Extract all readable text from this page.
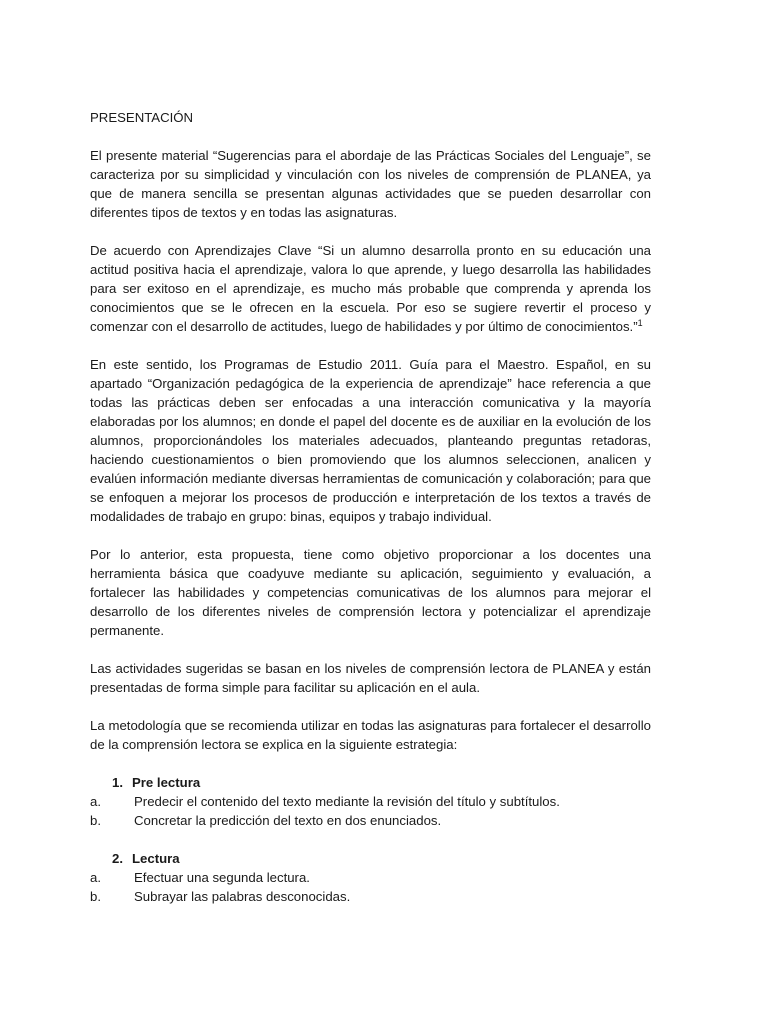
PRESENTACIÓN

El presente material “Sugerencias para el abordaje de las Prácticas Sociales del Lenguaje”, se caracteriza por su simplicidad y vinculación con los niveles de comprensión de PLANEA, ya que de manera sencilla se presentan algunas actividades que se pueden desarrollar con diferentes tipos de textos y en todas las asignaturas.

De acuerdo con Aprendizajes Clave “Si un alumno desarrolla pronto en su educación una actitud positiva hacia el aprendizaje, valora lo que aprende, y luego desarrolla las habilidades para ser exitoso en el aprendizaje, es mucho más probable que comprenda y aprenda los conocimientos que se le ofrecen en la escuela. Por eso se sugiere revertir el proceso y comenzar con el desarrollo de actitudes, luego de habilidades y por último de conocimientos.”$^1$

En este sentido, los Programas de Estudio 2011. Guía para el Maestro. Español, en su apartado “Organización pedagógica de la experiencia de aprendizaje” hace referencia a que todas las prácticas deben ser enfocadas a una interacción comunicativa y la mayoría elaboradas por los alumnos; en donde el papel del docente es de auxiliar en la evolución de los alumnos, proporcionándoles los materiales adecuados, planteando preguntas retadoras, haciendo cuestionamientos o bien promoviendo que los alumnos seleccionen, analicen y evalúen información mediante diversas herramientas de comunicación y colaboración; para que se enfoquen a mejorar los procesos de producción e interpretación de los textos a través de modalidades de trabajo en grupo: binas, equipos y trabajo individual.

Por lo anterior, esta propuesta, tiene como objetivo proporcionar a los docentes una herramienta básica que coadyuve mediante su aplicación, seguimiento y evaluación, a fortalecer las habilidades y competencias comunicativas de los alumnos para mejorar el desarrollo de los diferentes niveles de comprensión lectora y potencializar el aprendizaje permanente.

Las actividades sugeridas se basan en los niveles de comprensión lectora de PLANEA y están presentadas de forma simple para facilitar su aplicación en el aula.

La metodología que se recomienda utilizar en todas las asignaturas para fortalecer el desarrollo de la comprensión lectora se explica en la siguiente estrategia:

1. Pre lectura
a.	Predecir el contenido del texto mediante la revisión del título y subtítulos.
b.	Concretar la predicción del texto en dos enunciados.
2. Lectura
a.	Efectuar una segunda lectura.
b.	Subrayar las palabras desconocidas.
